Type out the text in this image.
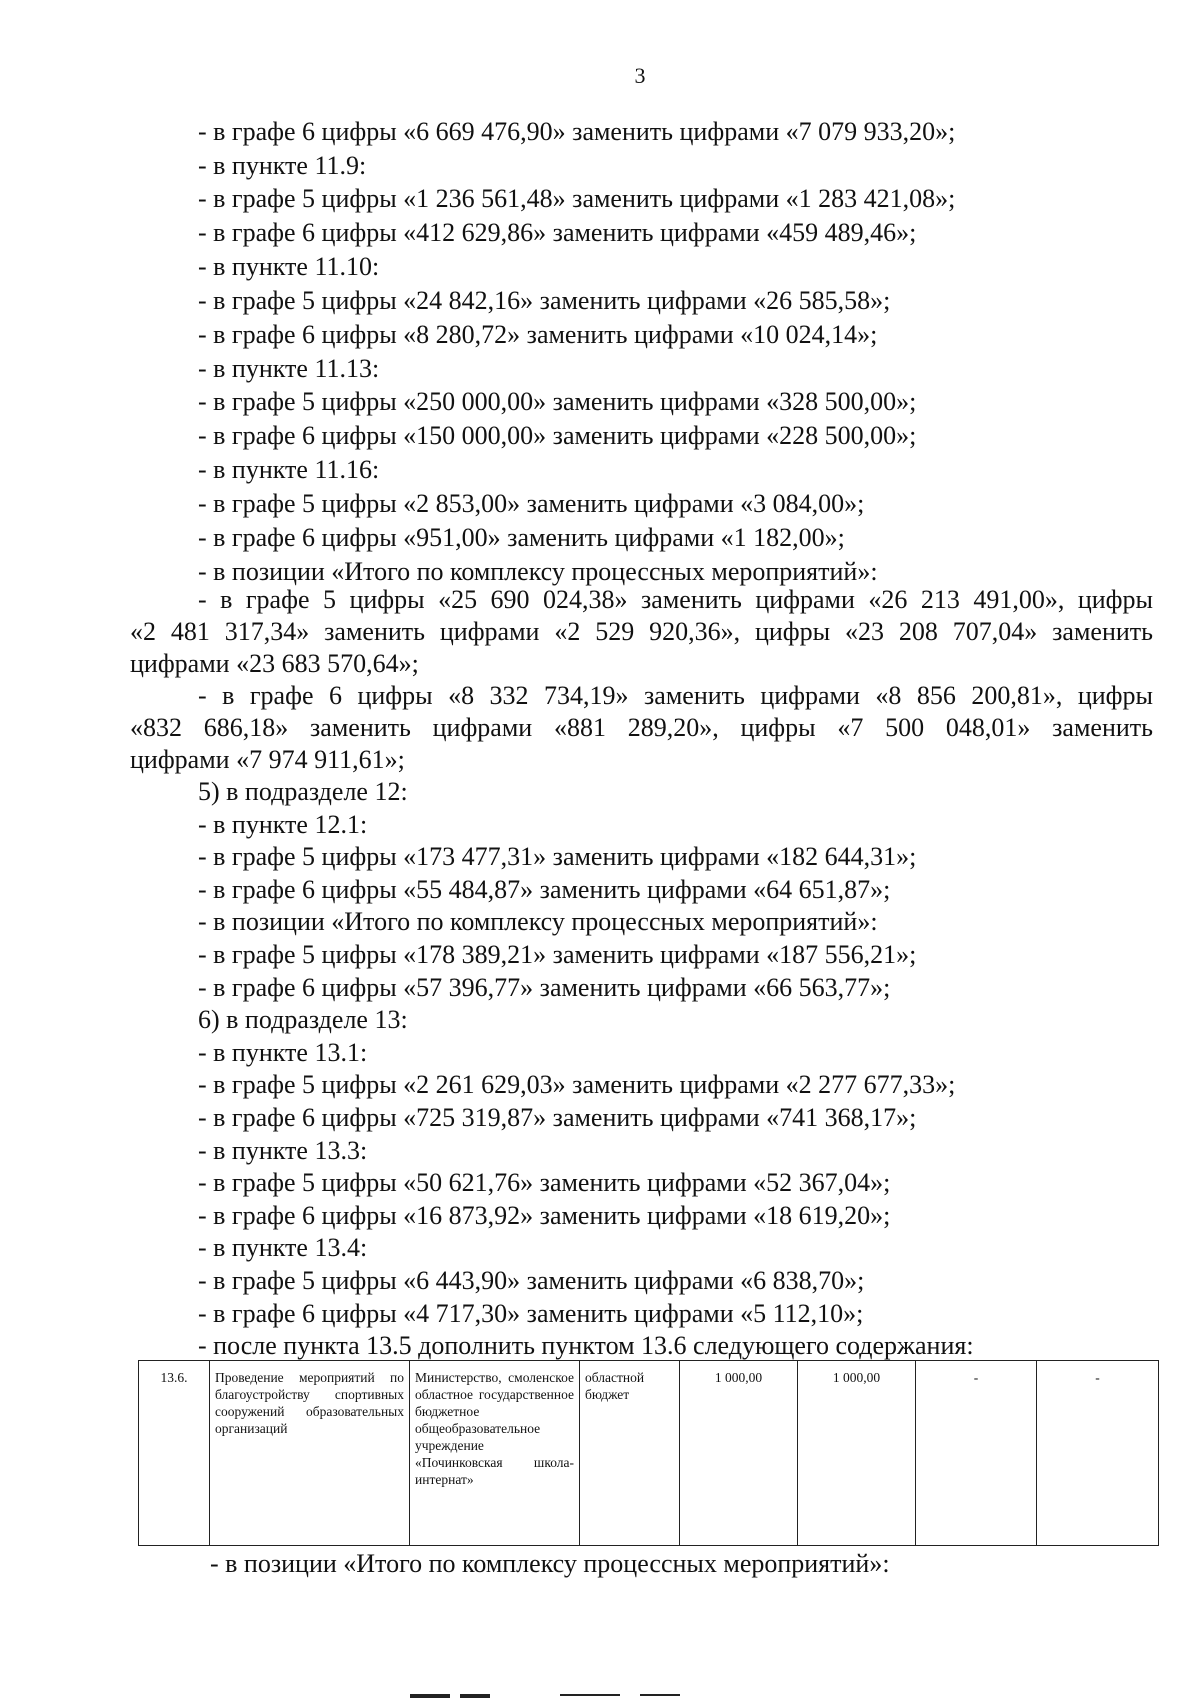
3
- в графе 6 цифры «6 669 476,90» заменить цифрами «7 079 933,20»;
- в пункте 11.9:
- в графе 5 цифры «1 236 561,48» заменить цифрами «1 283 421,08»;
- в графе 6 цифры «412 629,86» заменить цифрами «459 489,46»;
- в пункте 11.10:
- в графе 5 цифры «24 842,16» заменить цифрами «26 585,58»;
- в графе 6 цифры «8 280,72» заменить цифрами «10 024,14»;
- в пункте 11.13:
- в графе 5 цифры «250 000,00» заменить цифрами «328 500,00»;
- в графе 6 цифры «150 000,00» заменить цифрами «228 500,00»;
- в пункте 11.16:
- в графе 5 цифры «2 853,00» заменить цифрами «3 084,00»;
- в графе 6 цифры «951,00» заменить цифрами «1 182,00»;
- в позиции «Итого по комплексу процессных мероприятий»:
- в графе 5 цифры «25 690 024,38» заменить цифрами «26 213 491,00», цифры
«2 481 317,34» заменить цифрами «2 529 920,36», цифры «23 208 707,04» заменить
цифрами «23 683 570,64»;
- в графе 6 цифры «8 332 734,19» заменить цифрами «8 856 200,81», цифры
«832 686,18» заменить цифрами «881 289,20», цифры «7 500 048,01» заменить
цифрами «7 974 911,61»;
5) в подразделе 12:
- в пункте 12.1:
- в графе 5 цифры «173 477,31» заменить цифрами «182 644,31»;
- в графе 6 цифры «55 484,87» заменить цифрами «64 651,87»;
- в позиции «Итого по комплексу процессных мероприятий»:
- в графе 5 цифры «178 389,21» заменить цифрами «187 556,21»;
- в графе 6 цифры «57 396,77» заменить цифрами «66 563,77»;
6) в подразделе 13:
- в пункте 13.1:
- в графе 5 цифры «2 261 629,03» заменить цифрами «2 277 677,33»;
- в графе 6 цифры «725 319,87» заменить цифрами «741 368,17»;
- в пункте 13.3:
- в графе 5 цифры «50 621,76» заменить цифрами «52 367,04»;
- в графе 6 цифры «16 873,92» заменить цифрами «18 619,20»;
- в пункте 13.4:
- в графе 5 цифры «6 443,90» заменить цифрами «6 838,70»;
- в графе 6 цифры «4 717,30» заменить цифрами «5 112,10»;
- после пункта 13.5 дополнить пунктом 13.6 следующего содержания:
13.6.	Проведение мероприятий по благоустройству спортивных сооружений образовательных организаций	Министерство, смоленское областное государственное бюджетное общеобразовательное учреждение «Починковская школа-интернат»	областной бюджет	1 000,00	1 000,00	-	-
- в позиции «Итого по комплексу процессных мероприятий»:
